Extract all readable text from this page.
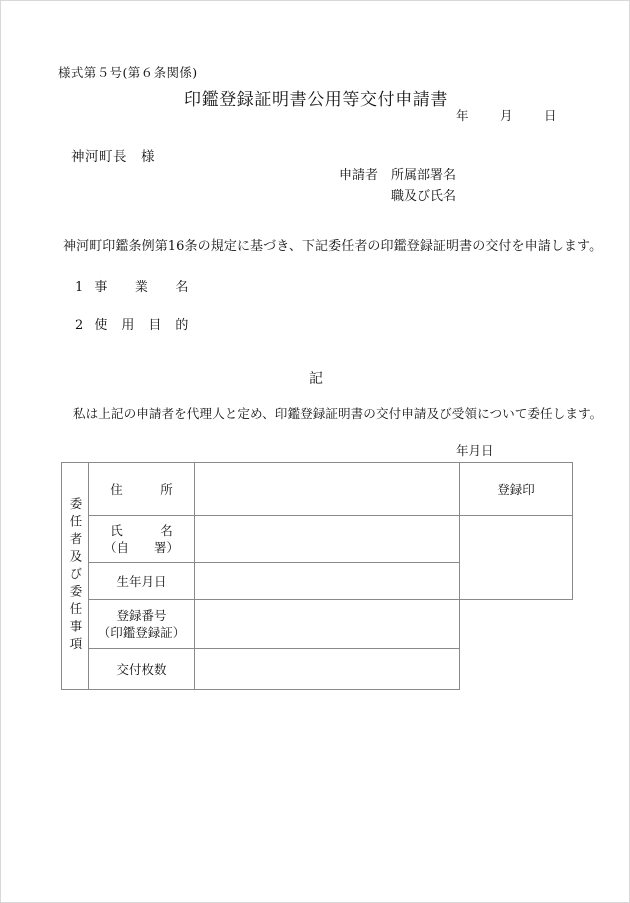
様式第５号(第６条関係)
印鑑登録証明書公用等交付申請書
年	月	日
神河町長　様
申請者　所属部署名
職及び氏名
神河町印鑑条例第16条の規定に基づき、下記委任者の印鑑登録証明書の交付を申請します。
1 事　　業　　名
2 使　用　目　的
記
私は上記の申請者を代理人と定め、印鑑登録証明書の交付申請及び受領について委任します。
年月日
委任者及び委任事項	住　　　所		登録印

	氏　　　名
（自　　署）		

	生年月日		

	登録番号
（印鑑登録証）		

	交付枚数		
